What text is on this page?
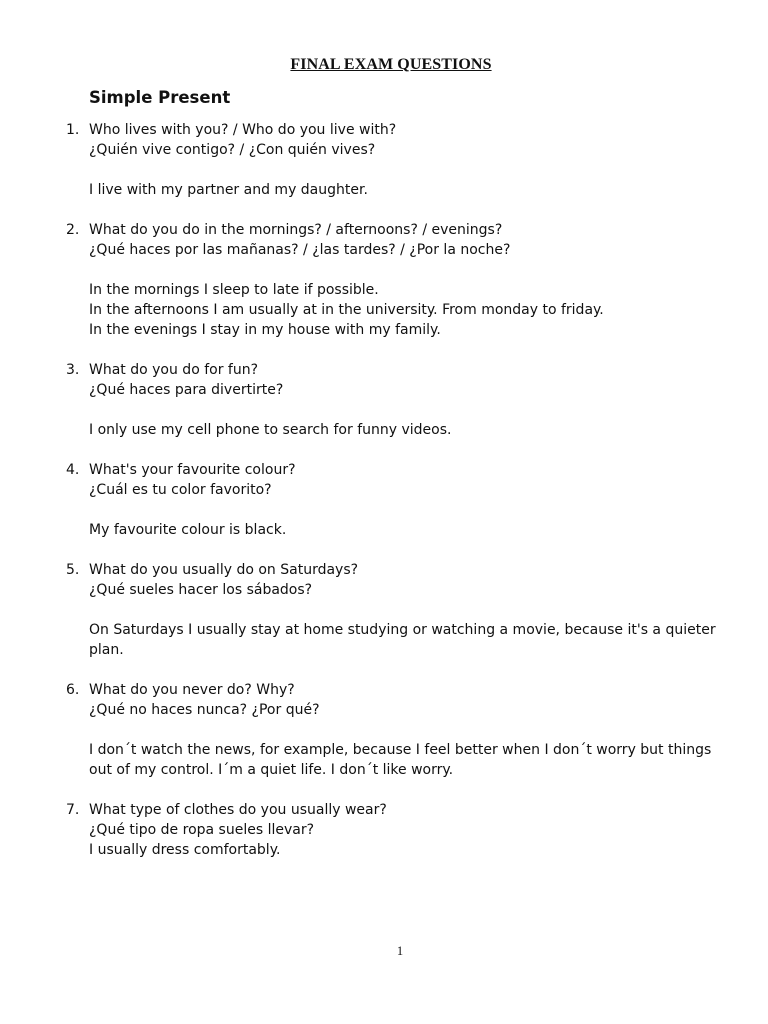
FINAL EXAM QUESTIONS
Simple Present
1. Who lives with you? / Who do you live with?
¿Quién vive contigo? / ¿Con quién vives?
I live with my partner and my daughter.
2. What do you do in the mornings? / afternoons? / evenings?
¿Qué haces por las mañanas? / ¿las tardes? / ¿Por la noche?
In the mornings I sleep to late if possible.
In the afternoons I am usually at in the university. From monday to friday.
In the evenings I stay in my house with my family.
3. What do you do for fun?
¿Qué haces para divertirte?
I only use my cell phone to search for funny videos.
4. What's your favourite colour?
¿Cuál es tu color favorito?
My favourite colour is black.
5. What do you usually do on Saturdays?
¿Qué sueles hacer los sábados?
On Saturdays I usually stay at home studying or watching a movie, because it's a quieter
plan.
6. What do you never do? Why?
¿Qué no haces nunca? ¿Por qué?
I don´t watch the news, for example, because I feel better when I don´t worry but things
out of my control. I´m a quiet life. I don´t like worry.
7. What type of clothes do you usually wear?
¿Qué tipo de ropa sueles llevar?
I usually dress comfortably.
1
